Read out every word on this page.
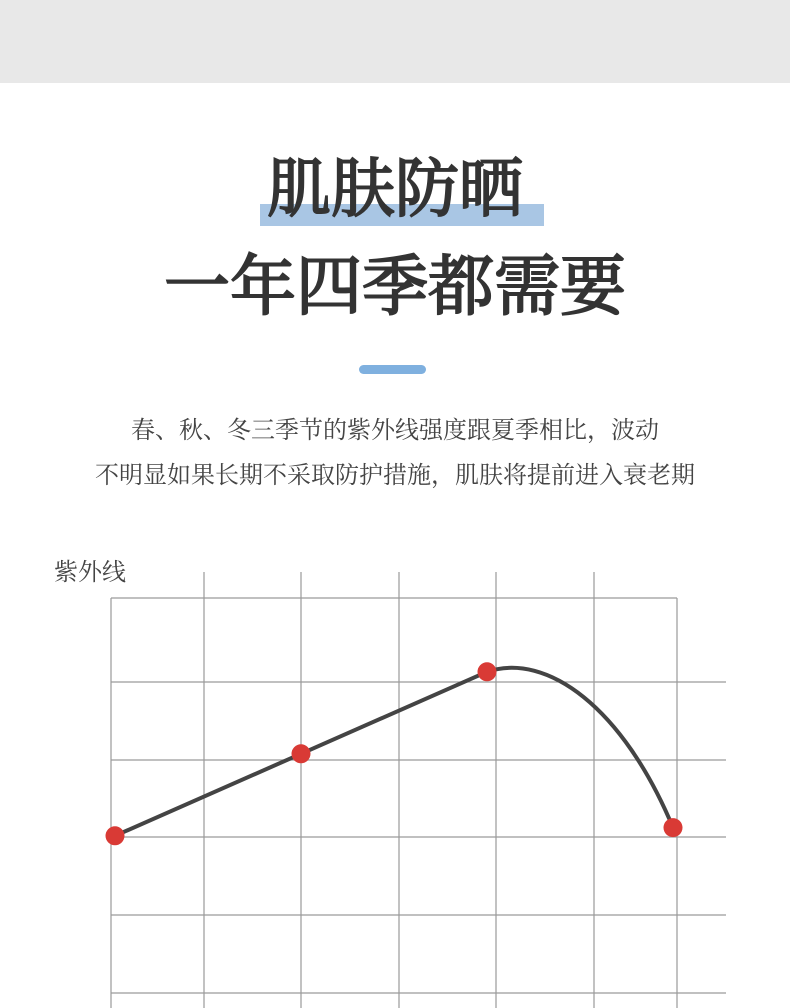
肌肤防晒
一年四季都需要
春、秋、冬三季节的紫外线强度跟夏季相比，波动
不明显如果长期不采取防护措施，肌肤将提前进入衰老期
紫外线
